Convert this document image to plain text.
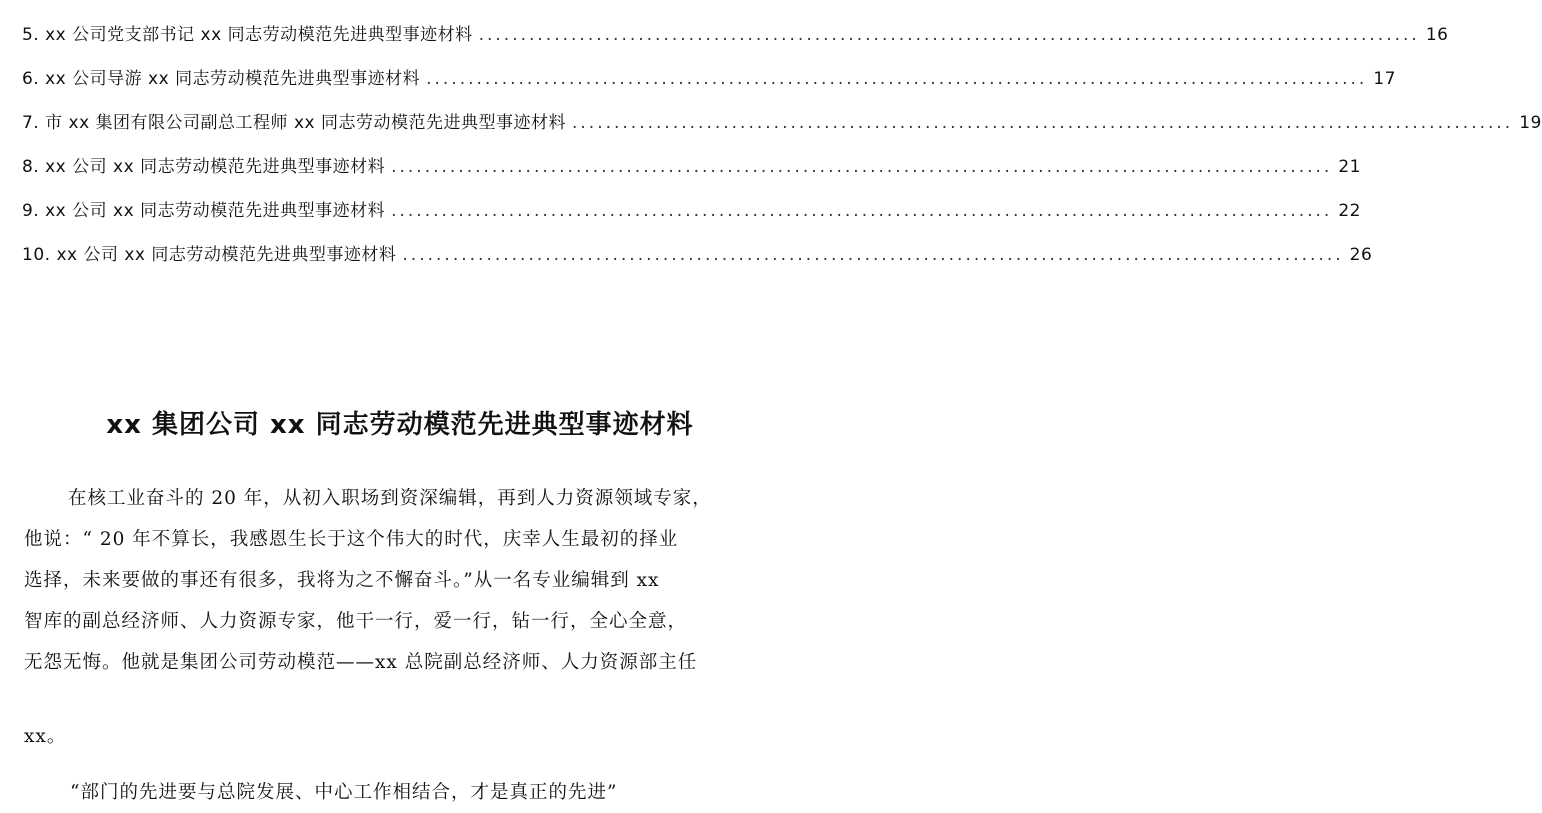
5. xx 公司党支部书记 xx 同志劳动模范先进典型事迹材料 ................................................................................................................ 16
6. xx 公司导游 xx 同志劳动模范先进典型事迹材料 ................................................................................................................ 17
7. 市 xx 集团有限公司副总工程师 xx 同志劳动模范先进典型事迹材料 ................................................................................................................ 19
8. xx 公司 xx 同志劳动模范先进典型事迹材料 ................................................................................................................ 21
9. xx 公司 xx 同志劳动模范先进典型事迹材料 ................................................................................................................ 22
10. xx 公司 xx 同志劳动模范先进典型事迹材料 ................................................................................................................ 26
xx 集团公司 xx 同志劳动模范先进典型事迹材料
在核工业奋斗的 20 年，从初入职场到资深编辑，再到人力资源领域专家，
他说：“ 20 年不算长，我感恩生长于这个伟大的时代，庆幸人生最初的择业
选择，未来要做的事还有很多，我将为之不懈奋斗。”从一名专业编辑到 xx
智库的副总经济师、人力资源专家，他干一行，爱一行，钻一行，全心全意，
无怨无悔。他就是集团公司劳动模范——xx 总院副总经济师、人力资源部主任
xx。
“部门的先进要与总院发展、中心工作相结合，才是真正的先进”
